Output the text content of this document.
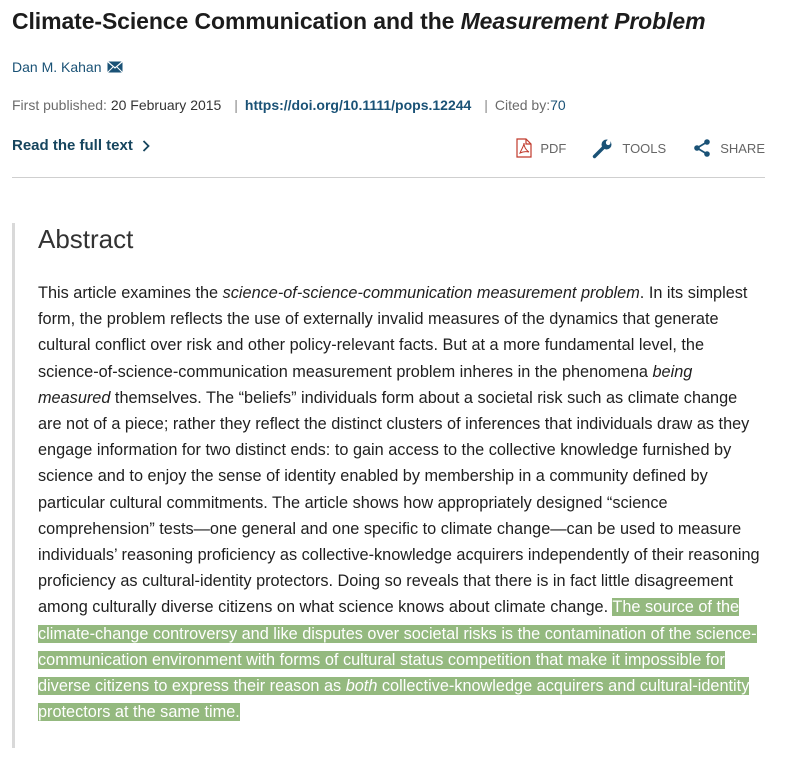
Climate-Science Communication and the Measurement Problem
Dan M. Kahan
First published: 20 February 2015 | https://doi.org/10.1111/pops.12244 | Cited by:70
Read the full text	PDF	TOOLS	SHARE
Abstract

This article examines the science-of-science-communication measurement problem. In its simplest form, the problem reflects the use of externally invalid measures of the dynamics that generate cultural conflict over risk and other policy-relevant facts. But at a more fundamental level, the science-of-science-communication measurement problem inheres in the phenomena being measured themselves. The “beliefs” individuals form about a societal risk such as climate change are not of a piece; rather they reflect the distinct clusters of inferences that individuals draw as they engage information for two distinct ends: to gain access to the collective knowledge furnished by science and to enjoy the sense of identity enabled by membership in a community defined by particular cultural commitments. The article shows how appropriately designed “science comprehension” tests—one general and one specific to climate change—can be used to measure individuals’ reasoning proficiency as collective-knowledge acquirers independently of their reasoning proficiency as cultural-identity protectors. Doing so reveals that there is in fact little disagreement among culturally diverse citizens on what science knows about climate change. The source of the climate-change controversy and like disputes over societal risks is the contamination of the science-communication environment with forms of cultural status competition that make it impossible for diverse citizens to express their reason as both collective-knowledge acquirers and cultural-identity protectors at the same time.
